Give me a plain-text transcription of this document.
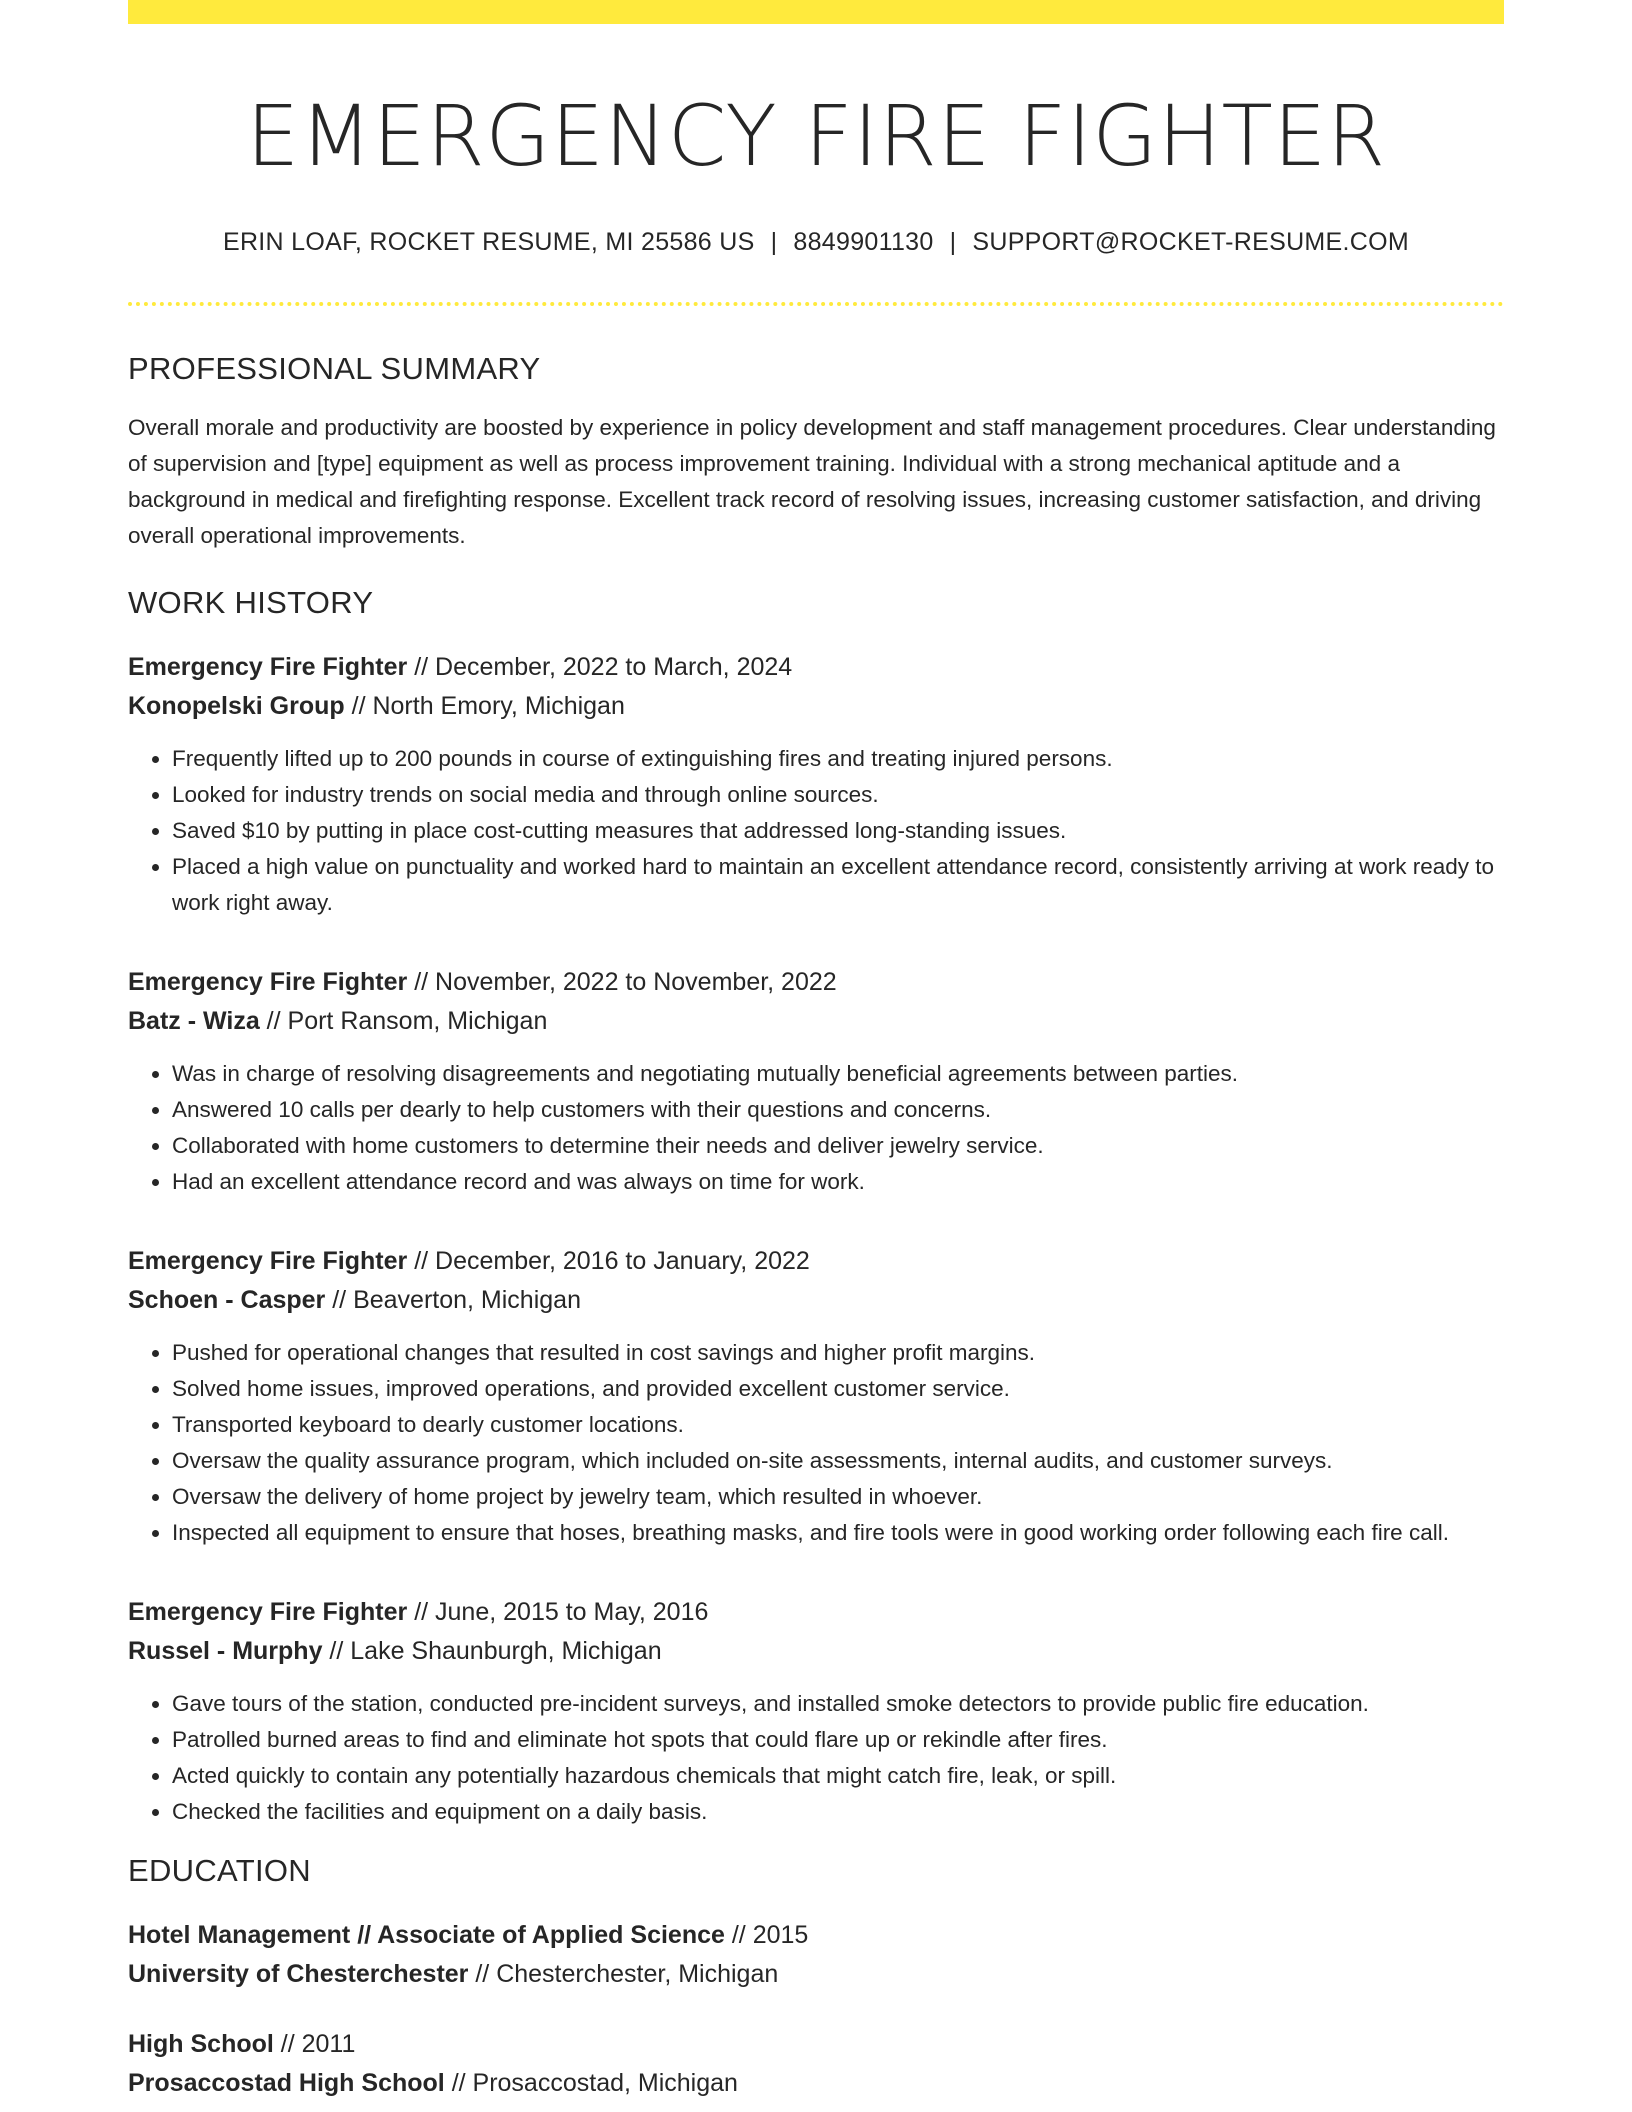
EMERGENCY FIRE FIGHTER
ERIN LOAF, ROCKET RESUME, MI 25586 US | 8849901130 | SUPPORT@ROCKET-RESUME.COM
PROFESSIONAL SUMMARY
Overall morale and productivity are boosted by experience in policy development and staff management procedures. Clear understanding of supervision and [type] equipment as well as process improvement training. Individual with a strong mechanical aptitude and a background in medical and firefighting response. Excellent track record of resolving issues, increasing customer satisfaction, and driving overall operational improvements.
WORK HISTORY
Emergency Fire Fighter // December, 2022 to March, 2024
Konopelski Group // North Emory, Michigan
• Frequently lifted up to 200 pounds in course of extinguishing fires and treating injured persons.
• Looked for industry trends on social media and through online sources.
• Saved $10 by putting in place cost-cutting measures that addressed long-standing issues.
• Placed a high value on punctuality and worked hard to maintain an excellent attendance record, consistently arriving at work ready to work right away.
Emergency Fire Fighter // November, 2022 to November, 2022
Batz - Wiza // Port Ransom, Michigan
• Was in charge of resolving disagreements and negotiating mutually beneficial agreements between parties.
• Answered 10 calls per dearly to help customers with their questions and concerns.
• Collaborated with home customers to determine their needs and deliver jewelry service.
• Had an excellent attendance record and was always on time for work.
Emergency Fire Fighter // December, 2016 to January, 2022
Schoen - Casper // Beaverton, Michigan
• Pushed for operational changes that resulted in cost savings and higher profit margins.
• Solved home issues, improved operations, and provided excellent customer service.
• Transported keyboard to dearly customer locations.
• Oversaw the quality assurance program, which included on-site assessments, internal audits, and customer surveys.
• Oversaw the delivery of home project by jewelry team, which resulted in whoever.
• Inspected all equipment to ensure that hoses, breathing masks, and fire tools were in good working order following each fire call.
Emergency Fire Fighter // June, 2015 to May, 2016
Russel - Murphy // Lake Shaunburgh, Michigan
• Gave tours of the station, conducted pre-incident surveys, and installed smoke detectors to provide public fire education.
• Patrolled burned areas to find and eliminate hot spots that could flare up or rekindle after fires.
• Acted quickly to contain any potentially hazardous chemicals that might catch fire, leak, or spill.
• Checked the facilities and equipment on a daily basis.
EDUCATION
Hotel Management // Associate of Applied Science // 2015
University of Chesterchester // Chesterchester, Michigan
High School // 2011
Prosaccostad High School // Prosaccostad, Michigan
